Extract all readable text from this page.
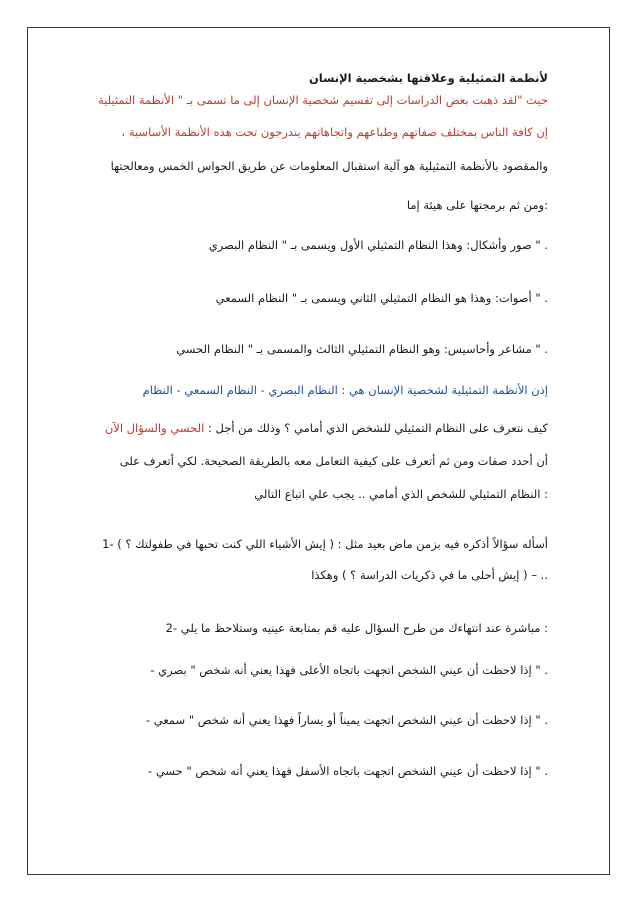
لأنظمة التمثيلية وعلاقتها بشخصية الإنسان
حيث "لقد ذهبت بعض الدراسات إلى تقسيم شخصية الإنسان إلى ما تسمى بـ " الأنظمة التمثيلية
إن كافة الناس بمختلف صفاتهم وطباعهم واتجاهاتهم يندرجون تحت هذه الأنظمة الأساسية ،
والمقصود بالأنظمة التمثيلية هو آلية استقبال المعلومات عن طريق الحواس الخمس ومعالجتها
:ومن ثم برمجتها على هيئة إما
. " صور وأشكال: وهذا النظام التمثيلي الأول ويسمى بـ " النظام البصري
. " أصوات: وهذا هو النظام التمثيلي الثاني ويسمى بـ " النظام السمعي
. " مشاعر وأحاسيس: وهو النظام التمثيلي الثالث والمسمى بـ " النظام الحسي
إذن الأنظمة التمثيلية لشخصية الإنسان هي : النظام البصري - النظام السمعي - النظام
كيف نتعرف على النظام التمثيلي للشخص الذي أمامي ؟ وذلك من أجل : الحسي والسؤال الآن
أن أحدد صفات ومن ثم أتعرف على كيفية التعامل معه بالطريقة الصحيحة. لكي أتعرف على
: النظام التمثيلي للشخص الذي أمامي .. يجب علي اتباع التالي
أسأله سؤالاً أذكره فيه بزمن ماض بعيد مثل : ( إيش الأشياء اللي كنت تحبها في طفولتك ؟ ) -1
.. – ( إيش أحلى ما في ذكريات الدراسة ؟ ) وهكذا
: مباشرة عند انتهاءك من طرح السؤال عليه قم بمتابعة عينيه وستلاحظ ما يلي -2
. " إذا لاحظت أن عيني الشخص اتجهت باتجاه الأعلى فهذا يعني أنه شخص " بصري -
. " إذا لاحظت أن عيني الشخص اتجهت يميناً أو يساراً فهذا يعني أنه شخص " سمعي -
. " إذا لاحظت أن عيني الشخص اتجهت باتجاه الأسفل فهذا يعني أنه شخص " حسي -
